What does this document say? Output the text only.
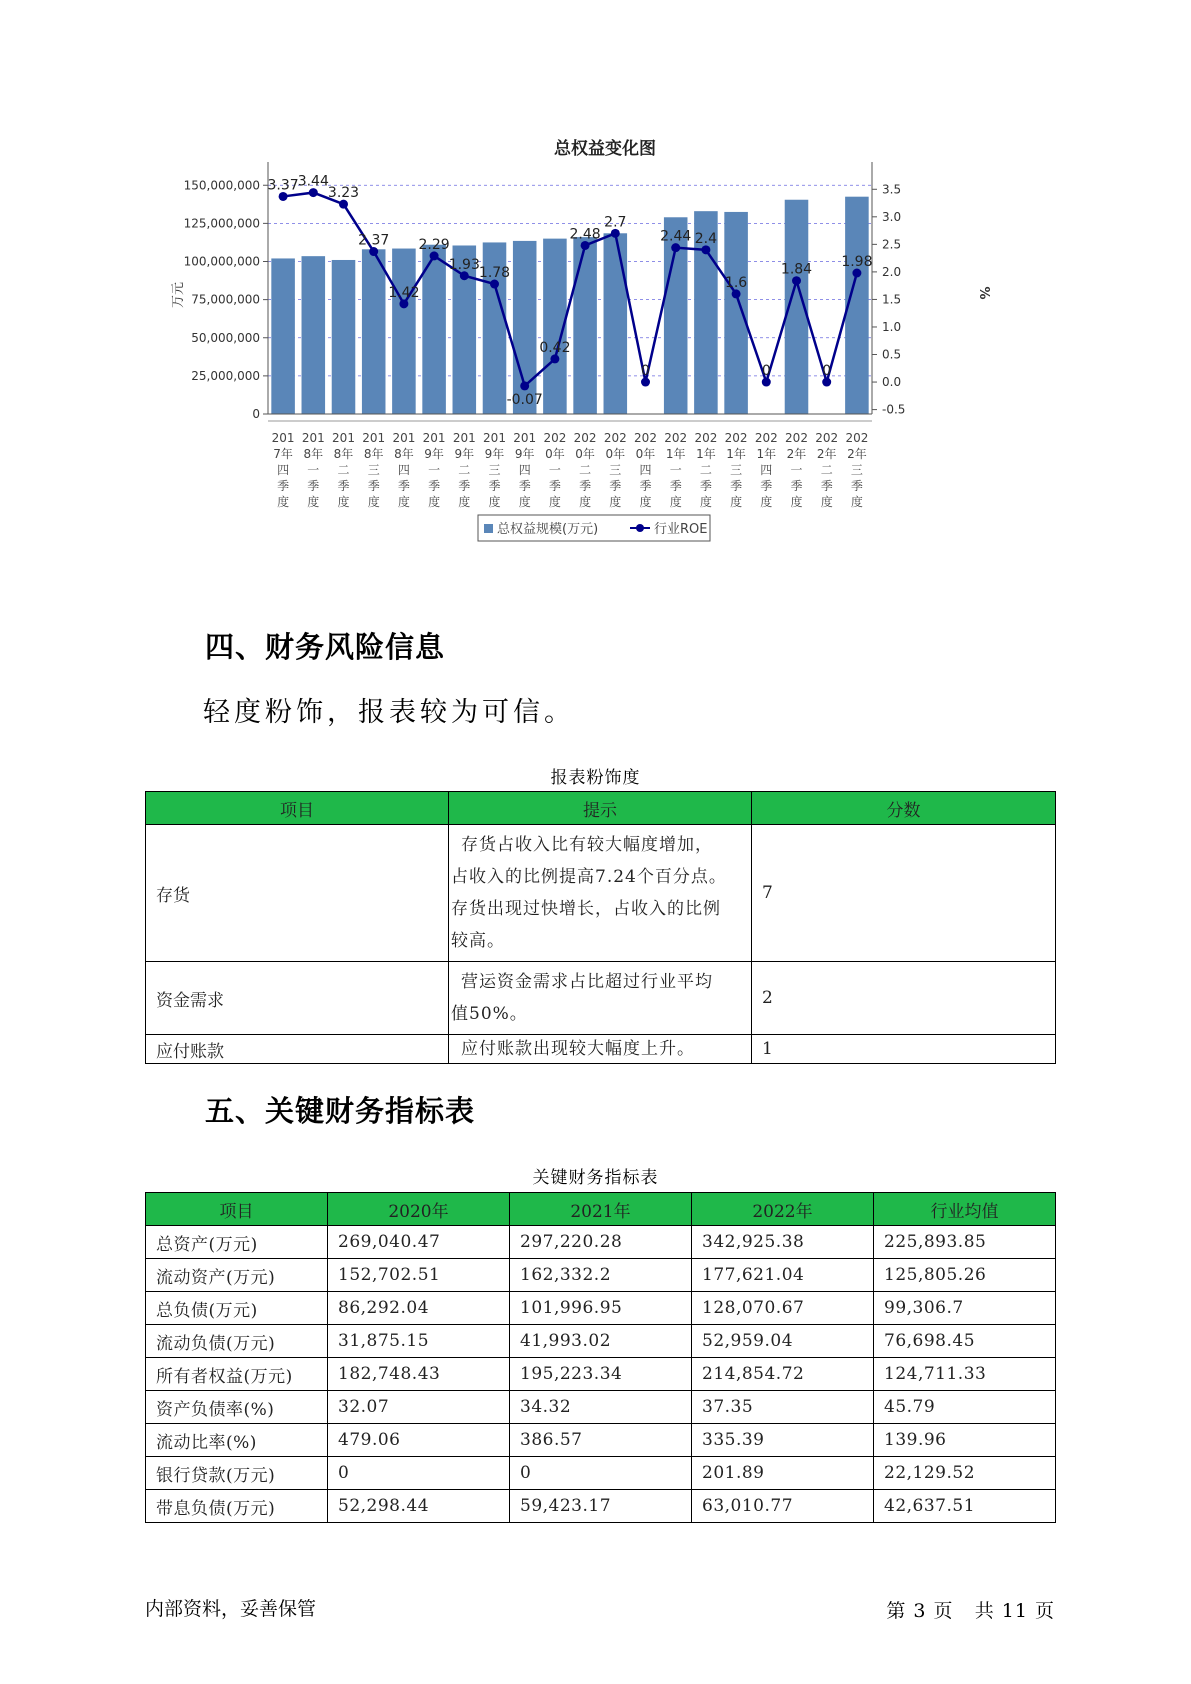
总权益变化图
3.37 3.44
3.23
2.37
1.42
2.29
1.93
1.78
-0.07
0.42
2.48
2.7
0
2.44 2.4
1.6
0
1.84
0
1.98
0
25,000,000
50,000,000
75,000,000
100,000,000
125,000,000
150,000,000
-0.5
0.0
0.5
1.0
1.5
2.0
2.5
3.0
3.5
201
7年
四
季
度
201
8年
一
季
度
201
8年
二
季
度
201
8年
三
季
度
201
8年
四
季
度
201
9年
一
季
度
201
9年
二
季
度
201
9年
三
季
度
201
9年
四
季
度
202
0年
一
季
度
202
0年
二
季
度
202
0年
三
季
度
202
0年
四
季
度
202
1年
一
季
度
202
1年
二
季
度
202
1年
三
季
度
202
1年
四
季
度
202
2年
一
季
度
202
2年
二
季
度
202
2年
三
季
度
万元	%
总权益规模(万元)	行业ROE
四、财务风险信息

轻度粉饰，报表较为可信。

报表粉饰度
项目	提示	分数
存货	存货占收入比有较大幅度增加，
占收入的比例提高7.24个百分点。
存货出现过快增长，占收入的比例
较高。	7
资金需求	营运资金需求占比超过行业平均
值50%。	2
应付账款	应付账款出现较大幅度上升。	1
五、关键财务指标表
关键财务指标表
项目	2020年	2021年	2022年	行业均值
总资产(万元)	269,040.47	297,220.28	342,925.38	225,893.85
流动资产(万元)	152,702.51	162,332.2	177,621.04	125,805.26
总负债(万元)	86,292.04	101,996.95	128,070.67	99,306.7
流动负债(万元)	31,875.15	41,993.02	52,959.04	76,698.45
所有者权益(万元)	182,748.43	195,223.34	214,854.72	124,711.33
资产负债率(%)	32.07	34.32	37.35	45.79
流动比率(%)	479.06	386.57	335.39	139.96
银行贷款(万元)	0	0	201.89	22,129.52
带息负债(万元)	52,298.44	59,423.17	63,010.77	42,637.51
内部资料，妥善保管	第 3 页 共 11 页
